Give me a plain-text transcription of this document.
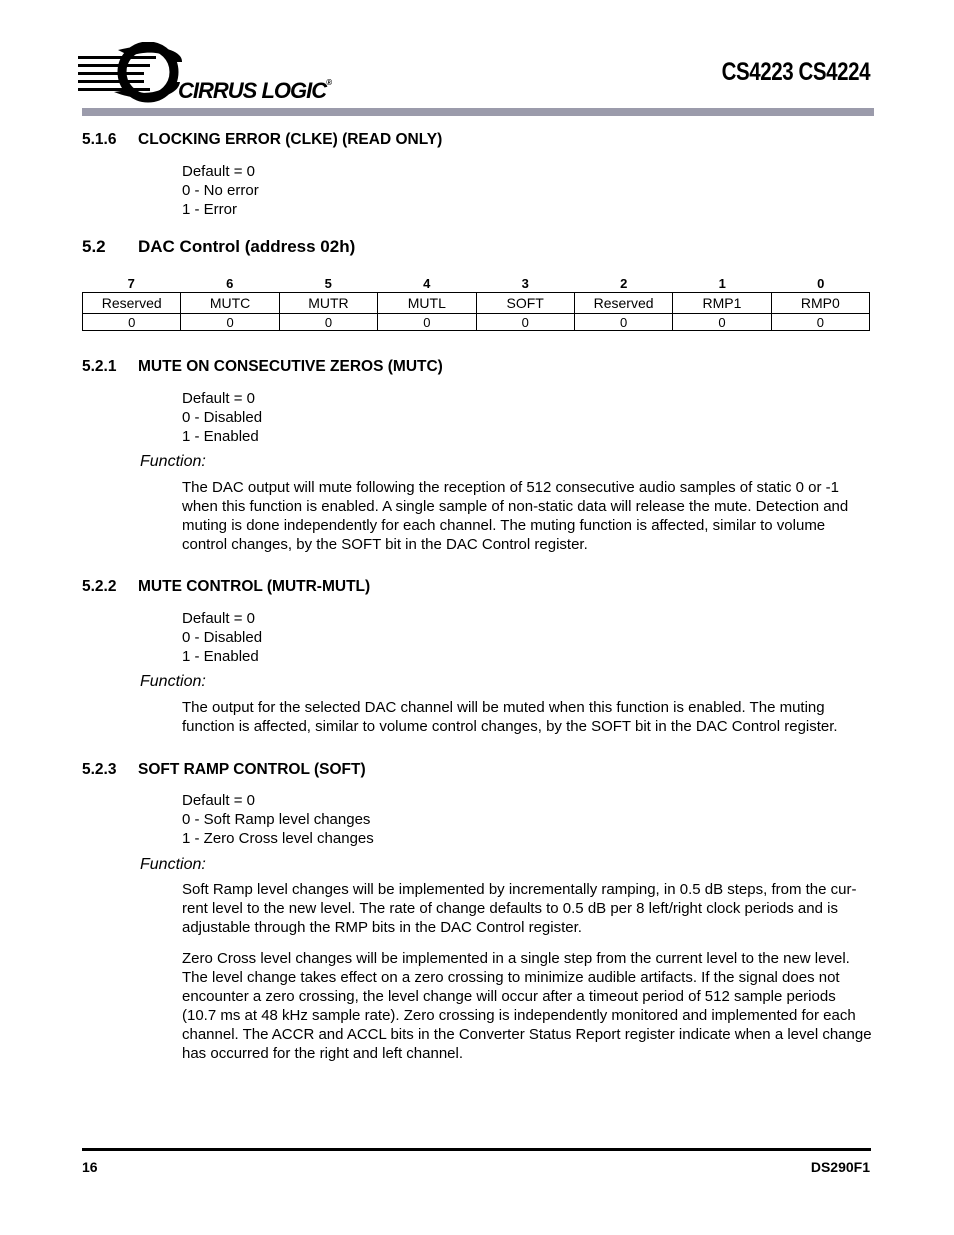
CIRRUS LOGIC®	CS4223 CS4224
5.1.6 CLOCKING ERROR (CLKE) (READ ONLY)
Default = 0
0 - No error
1 - Error
5.2 DAC Control (address 02h)
7	6	5	4	3	2	1	0
Reserved	MUTC	MUTR	MUTL	SOFT	Reserved	RMP1	RMP0
0	0	0	0	0	0	0	0
5.2.1 MUTE ON CONSECUTIVE ZEROS (MUTC)
Default = 0
0 - Disabled
1 - Enabled
Function:
The DAC output will mute following the reception of 512 consecutive audio samples of static 0 or -1 when this function is enabled. A single sample of non-static data will release the mute. Detection and muting is done independently for each channel. The muting function is affected, similar to volume control changes, by the SOFT bit in the DAC Control register.
5.2.2 MUTE CONTROL (MUTR-MUTL)
Default = 0
0 - Disabled
1 - Enabled
Function:
The output for the selected DAC channel will be muted when this function is enabled. The muting function is affected, similar to volume control changes, by the SOFT bit in the DAC Control register.
5.2.3 SOFT RAMP CONTROL (SOFT)
Default = 0
0 - Soft Ramp level changes
1 - Zero Cross level changes
Function:
Soft Ramp level changes will be implemented by incrementally ramping, in 0.5 dB steps, from the cur-rent level to the new level. The rate of change defaults to 0.5 dB per 8 left/right clock periods and is adjustable through the RMP bits in the DAC Control register.
Zero Cross level changes will be implemented in a single step from the current level to the new level. The level change takes effect on a zero crossing to minimize audible artifacts. If the signal does not encounter a zero crossing, the level change will occur after a timeout period of 512 sample periods (10.7 ms at 48 kHz sample rate). Zero crossing is independently monitored and implemented for each channel. The ACCR and ACCL bits in the Converter Status Report register indicate when a level change has occurred for the right and left channel.
16	DS290F1
